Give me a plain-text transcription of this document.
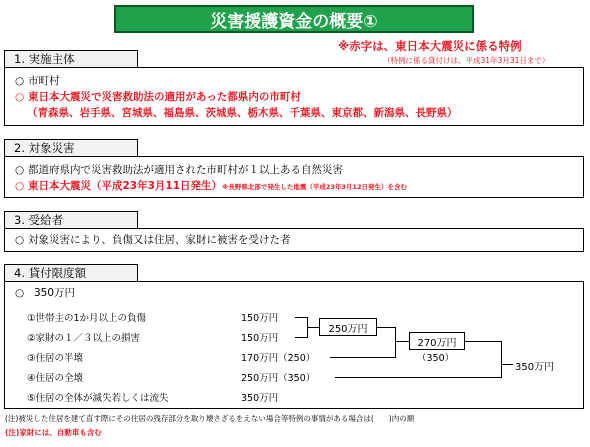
災害援護資金の概要①
※赤字は、東日本大震災に係る特例
（特例に係る貸付けは、平成31年3月31日まで）
1. 実施主体
○ 市町村
○ 東日本大震災で災害救助法の適用があった都県内の市町村
（青森県、岩手県、宮城県、福島県、茨城県、栃木県、千葉県、東京都、新潟県、長野県）
2. 対象災害
○ 都道府県内で災害救助法が適用された市町村が１以上ある自然災害
○ 東日本大震災（平成23年3月11日発生）※長野県北部で発生した地震（平成23年3月12日発生）を含む
3. 受給者
○ 対象災害により、負傷又は住居、家財に被害を受けた者
4. 貸付限度額
○ 350万円
①世帯主の1か月以上の負傷	150万円
②家財の１／３以上の損害	150万円
③住居の半壊	170万円（250）
④住居の全壊	250万円（350）
⑤住居の全体が滅失若しくは流失	350万円
250万円
270万円
（350）
350万円
(注)被災した住居を建て直す際にその住居の残存部分を取り壊さざるをえない場合等特例の事情がある場合は(　　)内の額
(注)家財には、自動車も含む
